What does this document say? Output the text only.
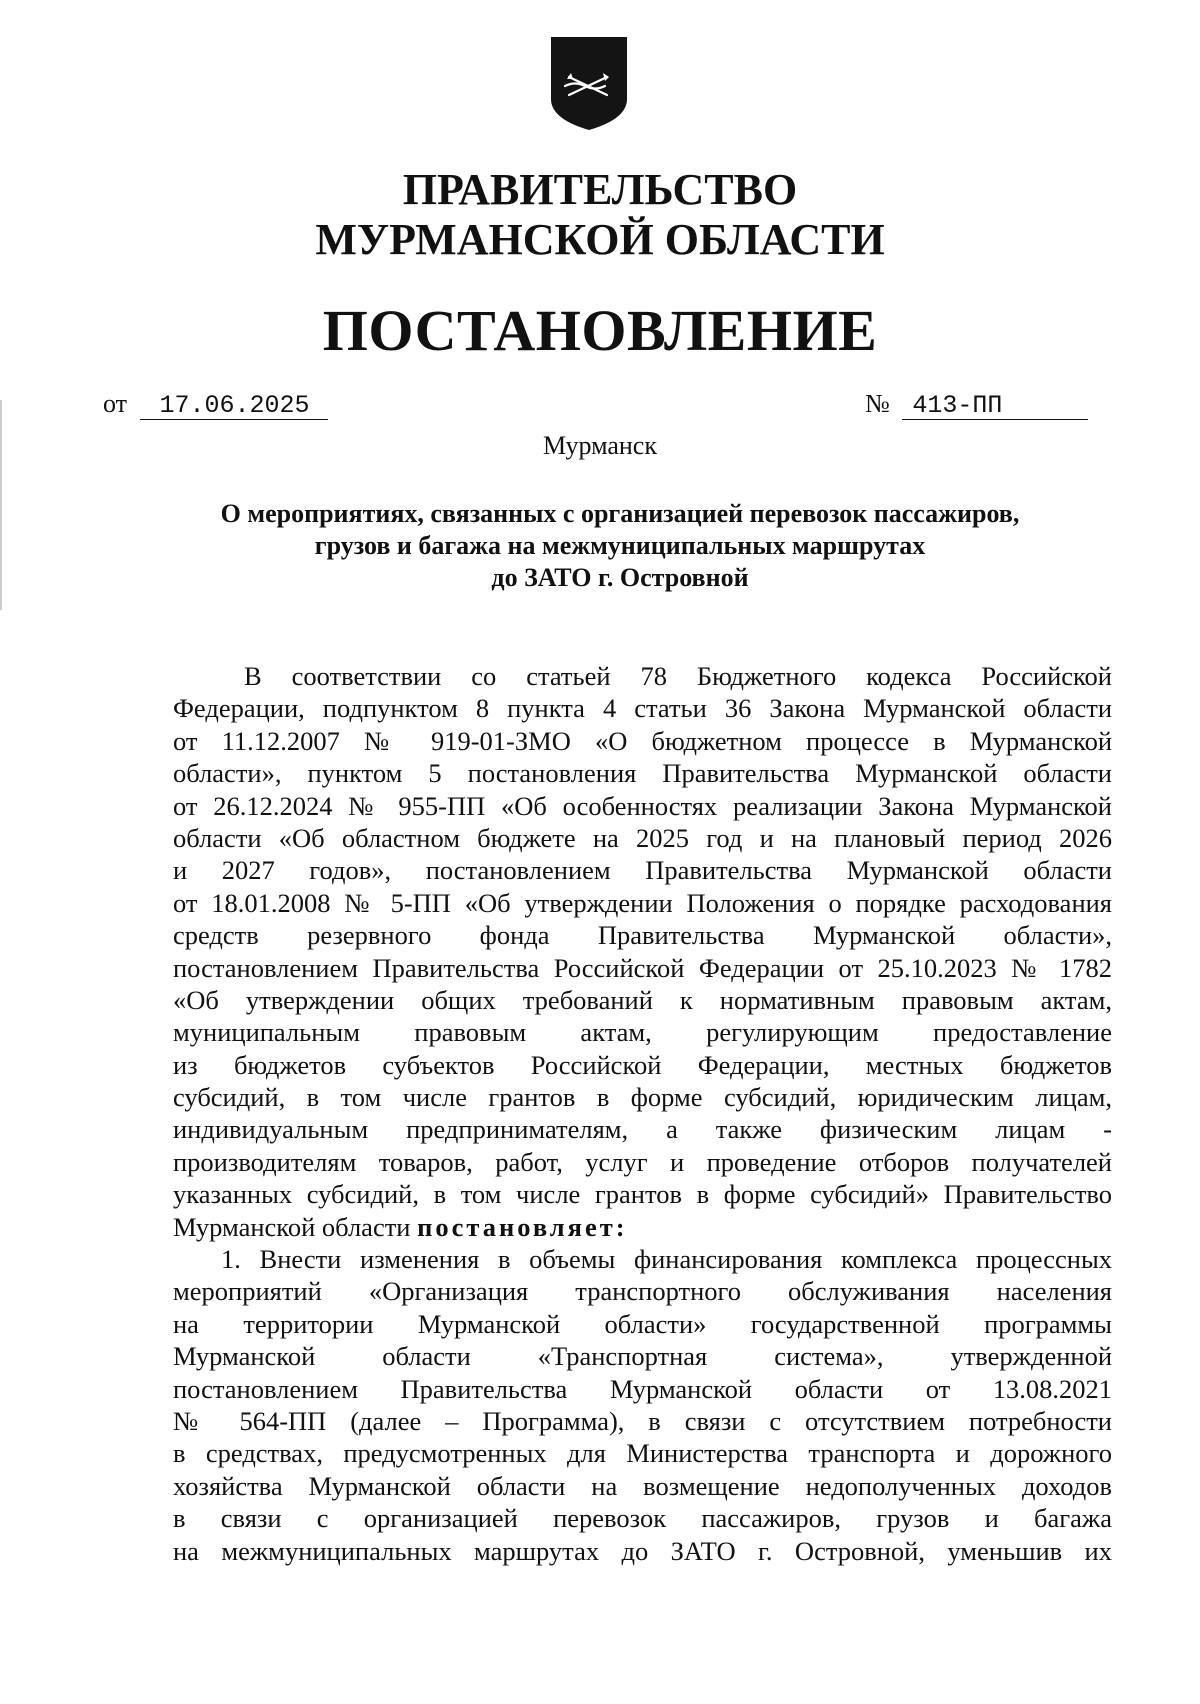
ПРАВИТЕЛЬСТВО
МУРМАНСКОЙ ОБЛАСТИ
ПОСТАНОВЛЕНИЕ
от 17.06.2025	№ 413-ПП
Мурманск
О мероприятиях, связанных с организацией перевозок пассажиров,
грузов и багажа на межмуниципальных маршрутах
до ЗАТО г. Островной
В соответствии со статьей 78 Бюджетного кодекса Российской
Федерации, подпунктом 8 пункта 4 статьи 36 Закона Мурманской области
от 11.12.2007 № 919-01-ЗМО «О бюджетном процессе в Мурманской
области», пунктом 5 постановления Правительства Мурманской области
от 26.12.2024 № 955-ПП «Об особенностях реализации Закона Мурманской
области «Об областном бюджете на 2025 год и на плановый период 2026
и 2027 годов», постановлением Правительства Мурманской области
от 18.01.2008 № 5-ПП «Об утверждении Положения о порядке расходования
средств резервного фонда Правительства Мурманской области»,
постановлением Правительства Российской Федерации от 25.10.2023 № 1782
«Об утверждении общих требований к нормативным правовым актам,
муниципальным правовым актам, регулирующим предоставление
из бюджетов субъектов Российской Федерации, местных бюджетов
субсидий, в том числе грантов в форме субсидий, юридическим лицам,
индивидуальным предпринимателям, а также физическим лицам -
производителям товаров, работ, услуг и проведение отборов получателей
указанных субсидий, в том числе грантов в форме субсидий» Правительство
Мурманской области постановляет:
1. Внести изменения в объемы финансирования комплекса процессных
мероприятий «Организация транспортного обслуживания населения
на территории Мурманской области» государственной программы
Мурманской области «Транспортная система», утвержденной
постановлением Правительства Мурманской области от 13.08.2021
№ 564-ПП (далее – Программа), в связи с отсутствием потребности
в средствах, предусмотренных для Министерства транспорта и дорожного
хозяйства Мурманской области на возмещение недополученных доходов
в связи с организацией перевозок пассажиров, грузов и багажа
на межмуниципальных маршрутах до ЗАТО г. Островной, уменьшив их
